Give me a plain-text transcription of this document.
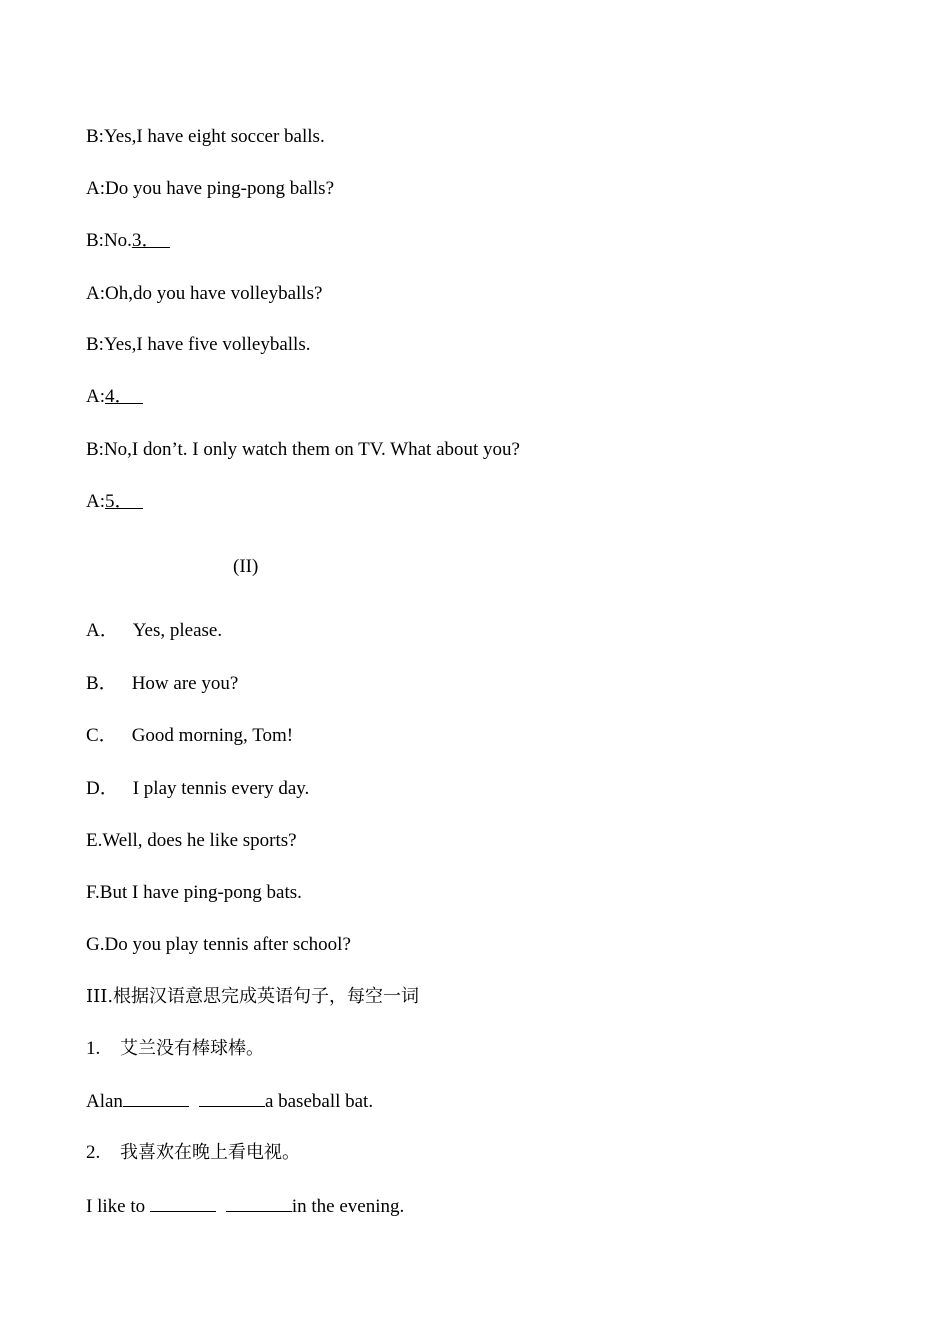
B:Yes,I have eight soccer balls.
A:Do you have ping-pong balls?
B:No.3．
A:Oh,do you have volleyballs?
B:Yes,I have five volleyballs.
A:4．
B:No,I don’t. I only watch them on TV. What about you?
A:5．
(II)
A． Yes, please.
B． How are you?
C． Good morning, Tom!
D． I play tennis every day.
E.Well, does he like sports?
F.But I have ping-pong bats.
G.Do you play tennis after school?
III.根据汉语意思完成英语句子，每空一词
1. 艾兰没有棒球棒。
Alan	a baseball bat.
2. 我喜欢在晚上看电视。
I like to	in the evening.
